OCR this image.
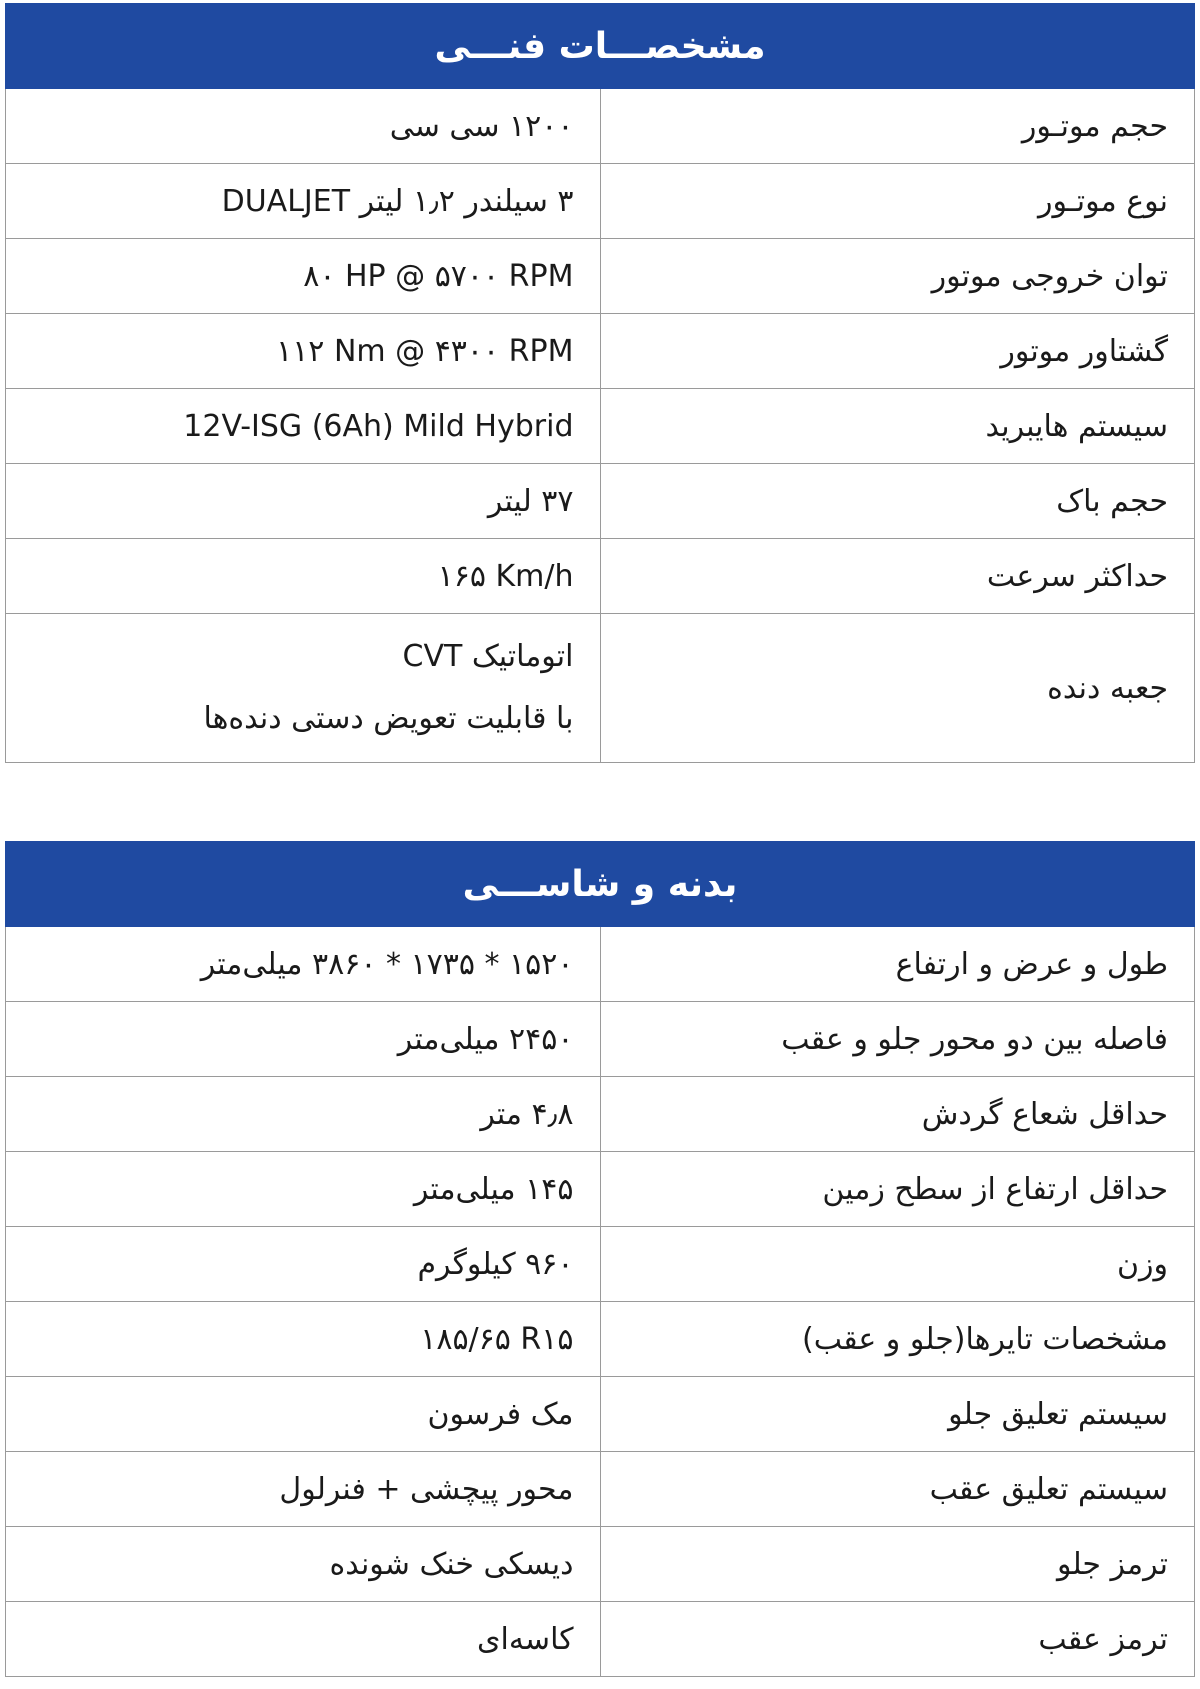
مشخصـــات فنـــی	
حجم موتـور	۱۲۰۰ سی سی
نوع موتـور	۳ سیلندر ۱٫۲ لیتر DUALJET
توان خروجی موتور	۸۰ HP @ ۵۷۰۰ RPM
گشتاور موتور	۱۱۲ Nm @ ۴۳۰۰ RPM
سیستم هایبرید	12V-ISG (6Ah) Mild Hybrid
حجم باک	۳۷ لیتر
حداکثر سرعت	۱۶۵ Km/h
جعبه دنده	اتوماتیک CVT
با قابلیت تعویض دستی دنده‌ها
بدنه و شاســـی	
طول و عرض و ارتفاع	۱۵۲۰ * ۱۷۳۵ * ۳۸۶۰ میلی‌متر
فاصله بین دو محور جلو و عقب	۲۴۵۰ میلی‌متر
حداقل شعاع گردش	۴٫۸ متر
حداقل ارتفاع از سطح زمین	۱۴۵ میلی‌متر
وزن	۹۶۰ کیلوگرم
مشخصات تایرها(جلو و عقب)	۱۸۵/۶۵ R۱۵
سیستم تعلیق جلو	مک فرسون
سیستم تعلیق عقب	محور پیچشی + فنرلول
ترمز جلو	دیسکی خنک شونده
ترمز عقب	کاسه‌ای
